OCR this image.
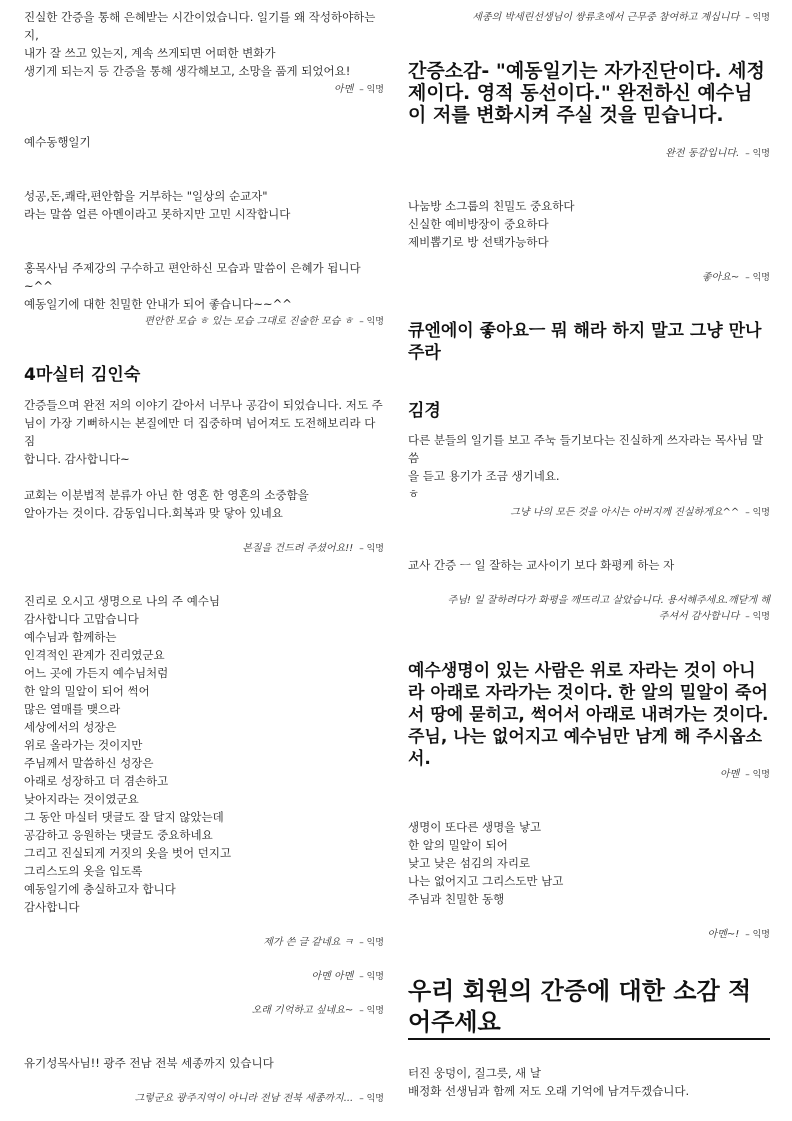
진실한 간증을 통해 은혜받는 시간이었습니다. 일기를 왜 작성하야하는지,
내가 잘 쓰고 있는지, 계속 쓰게되면 어떠한 변화가
생기게 되는지 등 간증을 통해 생각해보고, 소망을 품게 되었어요!

아멘 – 익명

예수동행일기

성공,돈,쾌락,편안함을 거부하는 "일상의 순교자"
라는 말씀 얼른 아멘이라고 못하지만 고민 시작합니다

홍목사님 주제강의 구수하고 편안하신 모습과 말씀이 은혜가 됩니다~^^
예동일기에 대한 친밀한 안내가 되어 좋습니다~~^^

편안한 모습 ㅎ 있는 모습 그대로 진술한 모습 ㅎ – 익명
4마실터 김인숙

간증들으며 완전 저의 이야기 같아서 너무나 공감이 되었습니다. 저도 주
님이 가장 기뻐하시는 본질에만 더 집중하며 넘어져도 도전해보리라 다짐
합니다. 감사합니다~

교회는 이분법적 분류가 아닌 한 영혼 한 영혼의 소중함을
알아가는 것이다. 감동입니다.회복과 맞 닿아 있네요

본질을 건드려 주셨어요!! – 익명

진리로 오시고 생명으로 나의 주 예수님
감사합니다 고맙습니다
예수님과 함께하는
인격적인 관계가 진리였군요
어느 곳에 가든지 예수님처럼
한 알의 밀알이 되어 썩어
많은 열매를 맺으라
세상에서의 성장은
위로 올라가는 것이지만
주님께서 말씀하신 성장은
아래로 성장하고 더 겸손하고
낮아지라는 것이였군요
그 동안 마실터 댓글도 잘 달지 않았는데
공감하고 응원하는 댓글도 중요하네요
그리고 진실되게 거짓의 옷을 벗어 던지고
그리스도의 옷을 입도록
예동일기에 충실하고자 합니다
감사합니다

제가 쓴 글 같네요 ㅋ – 익명
아멘 아멘 – 익명
오래 기억하고 싶네요~ – 익명

유기성목사님!! 광주 전남 전북 세종까지 있습니다

그렇군요 광주지역이 아니라 전남 전북 세종까지... – 익명
세종의 박세린선생님이 쌍류초에서 근무중 참여하고 계십니다 – 익명
간증소감- "예동일기는 자가진단이다. 세정제이다. 영적 동선이다." 완전하신 예수님이 저를 변화시켜 주실 것을 믿습니다.
완전 동감입니다. – 익명

나눔방 소그룹의 친밀도 중요하다
신실한 예비방장이 중요하다
제비뽑기로 방 선택가능하다

좋아요~ – 익명
큐엔에이 좋아요ㅡ 뭐 해라 하지 말고 그냥 만나주라
김경

다른 분들의 일기를 보고 주눅 들기보다는 진실하게 쓰자라는 목사님 말씀
을 듣고 용기가 조금 생기네요.
ㅎ

그냥 나의 모든 것을 아시는 아버지께 진실하게요^^ – 익명

교사 간증 ㅡ 일 잘하는 교사이기 보다 화평케 하는 자

주님! 일 잘하려다가 화평을 깨뜨리고 살았습니다. 용서해주세요.깨닫게 해
주셔서 감사합니다 – 익명
예수생명이 있는 사람은 위로 자라는 것이 아니라 아래로 자라가는 것이다. 한 알의 밀알이 죽어서 땅에 묻히고, 썩어서 아래로 내려가는 것이다. 주님, 나는 없어지고 예수님만 남게 해 주시옵소서.
아멘 – 익명

생명이 또다른 생명을 낳고
한 알의 밀알이 되어
낮고 낮은 섬김의 자리로
나는 없어지고 그리스도만 남고
주님과 친밀한 동행

아멘~! – 익명
우리 회원의 간증에 대한 소감 적어주세요

터진 웅덩이, 질그릇, 새 날
배정화 선생님과 함께 저도 오래 기억에 남겨두겠습니다.
